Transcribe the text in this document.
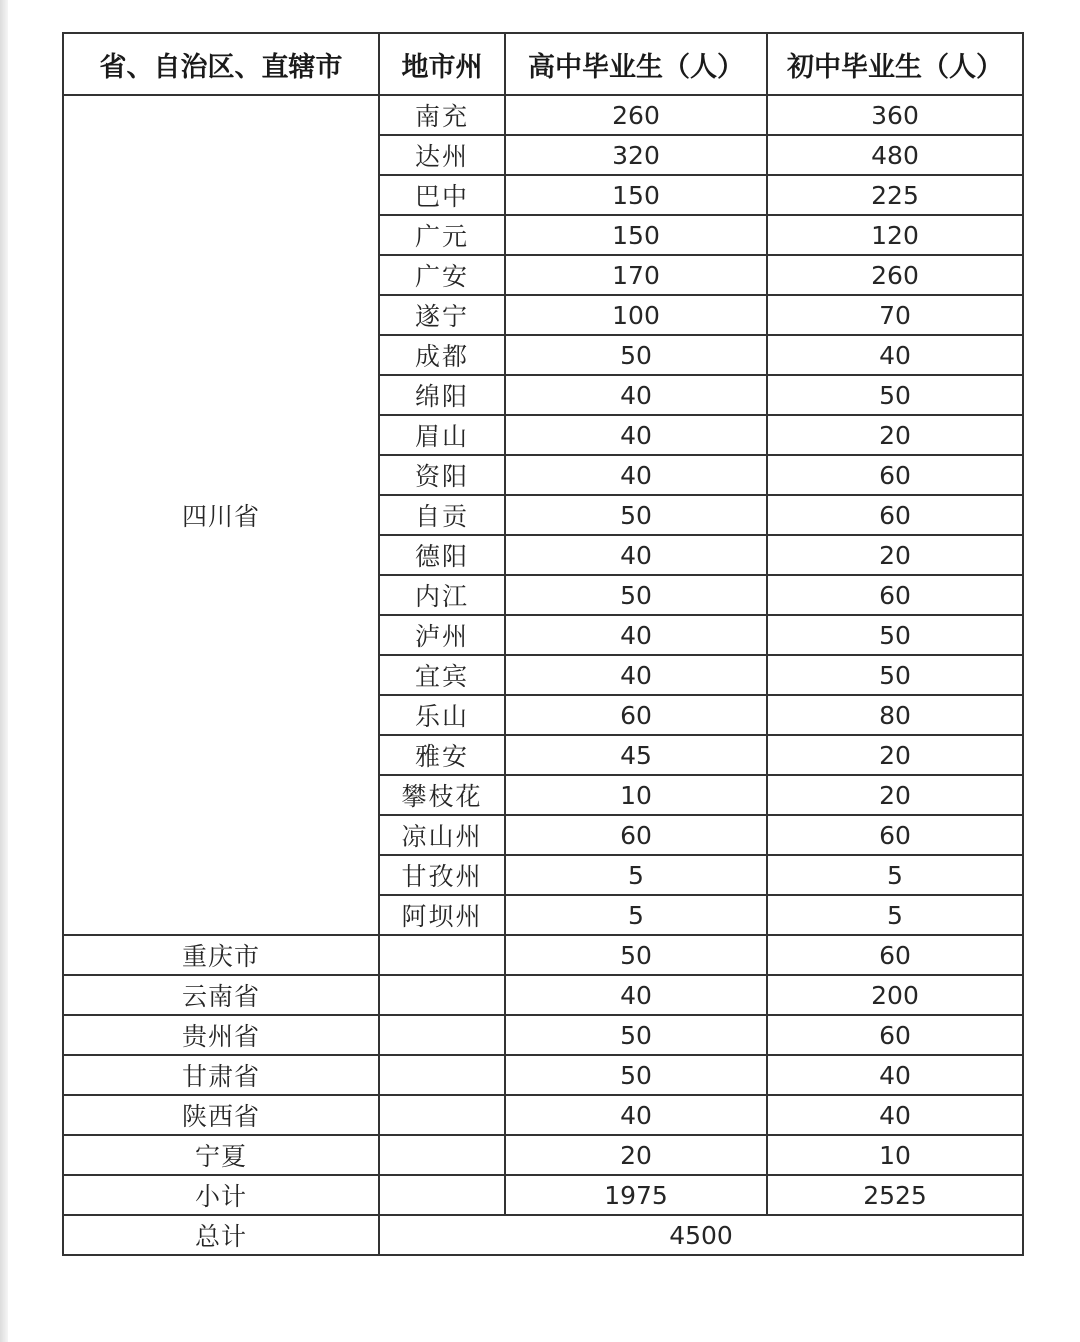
省、自治区、直辖市	地市州	高中毕业生（人）	初中毕业生（人）
四川省	南充	260	360
	达州	320	480
	巴中	150	225
	广元	150	120
	广安	170	260
	遂宁	100	70
	成都	50	40
	绵阳	40	50
	眉山	40	20
	资阳	40	60
	自贡	50	60
	德阳	40	20
	内江	50	60
	泸州	40	50
	宜宾	40	50
	乐山	60	80
	雅安	45	20
	攀枝花	10	20
	凉山州	60	60
	甘孜州	5	5
	阿坝州	5	5
重庆市		50	60
云南省		40	200
贵州省		50	60
甘肃省		50	40
陕西省		40	40
宁夏		20	10
小计		1975	2525
总计	4500		
